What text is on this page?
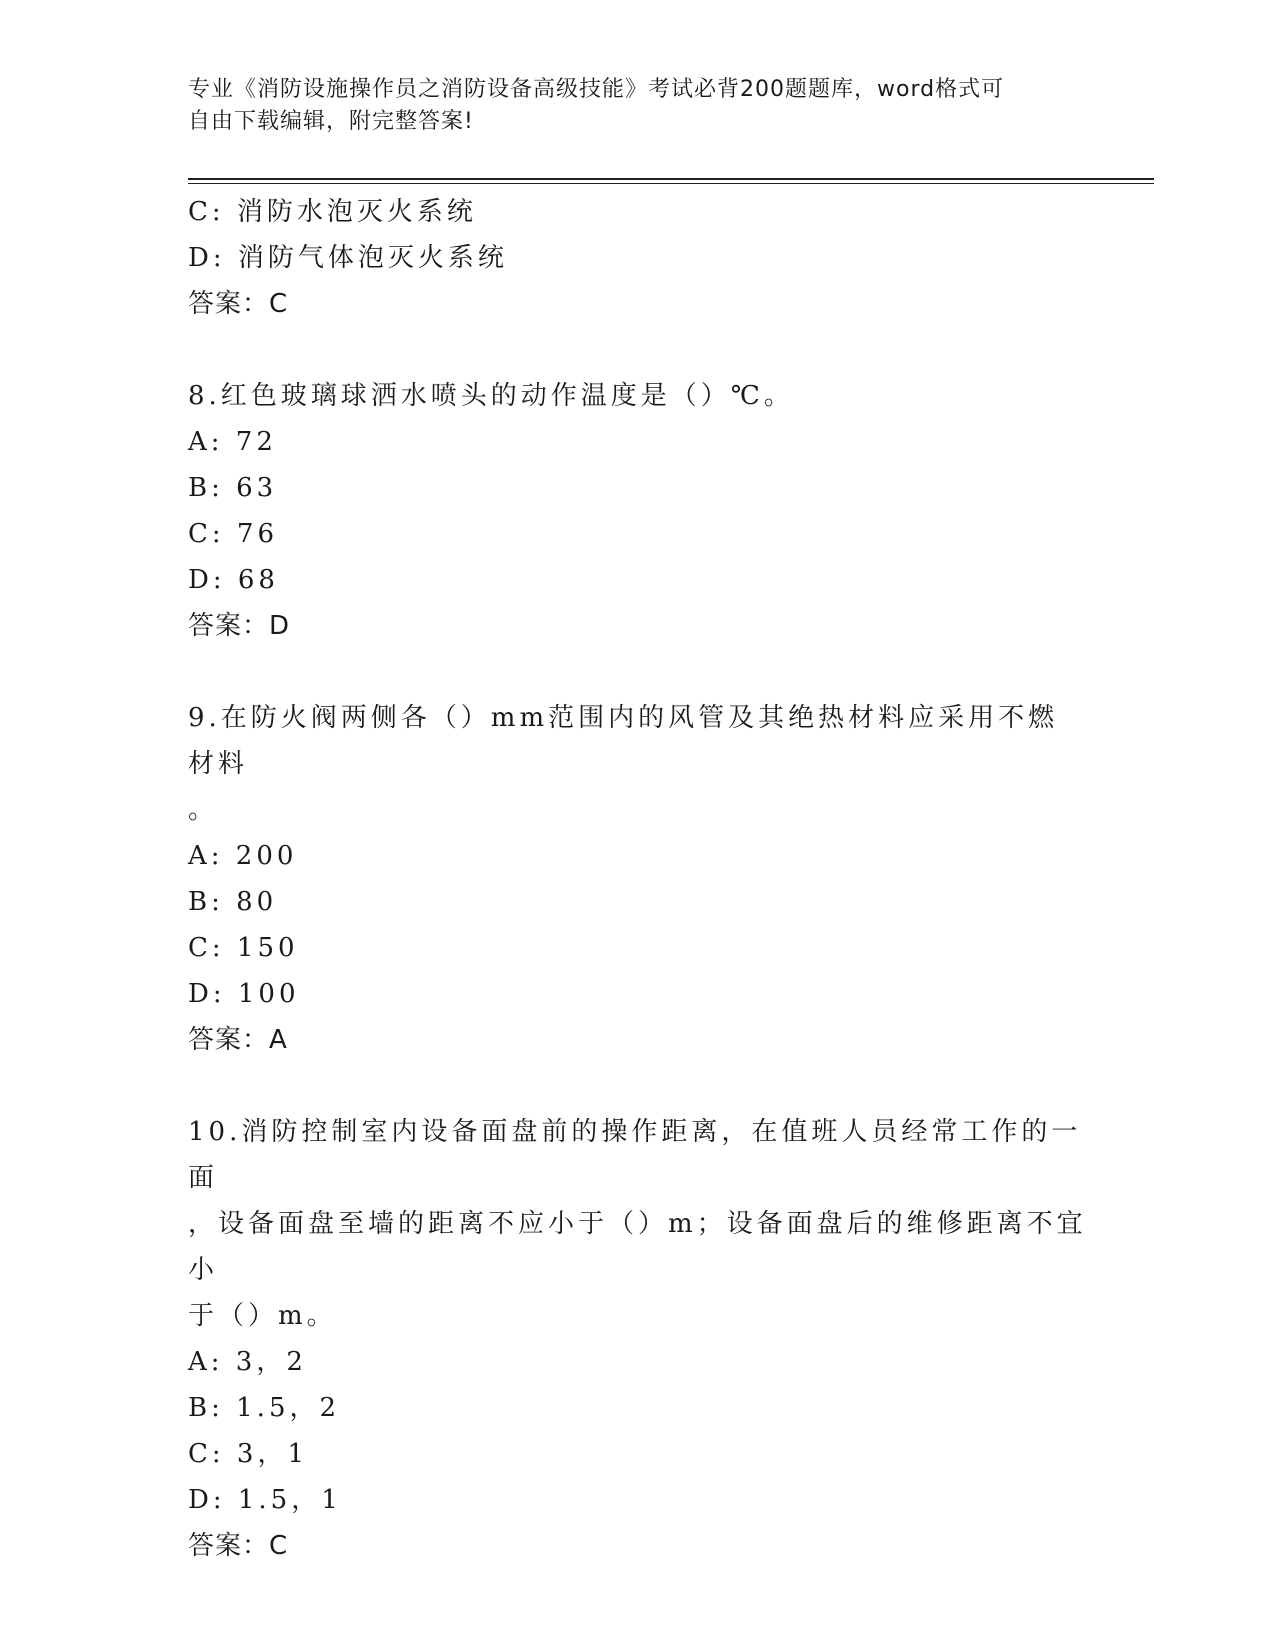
专业《消防设施操作员之消防设备高级技能》考试必背200题题库，word格式可
自由下载编辑，附完整答案!
C: 消防水泡灭火系统
D: 消防气体泡灭火系统
答案：C
8.红色玻璃球洒水喷头的动作温度是（）℃。
A: 72
B: 63
C: 76
D: 68
答案：D
9.在防火阀两侧各（）mm范围内的风管及其绝热材料应采用不燃材料
。
A: 200
B: 80
C: 150
D: 100
答案：A
10.消防控制室内设备面盘前的操作距离，在值班人员经常工作的一面
，设备面盘至墙的距离不应小于（）m；设备面盘后的维修距离不宜小
于（）m。
A: 3，2
B: 1.5，2
C: 3，1
D: 1.5，1
答案：C
